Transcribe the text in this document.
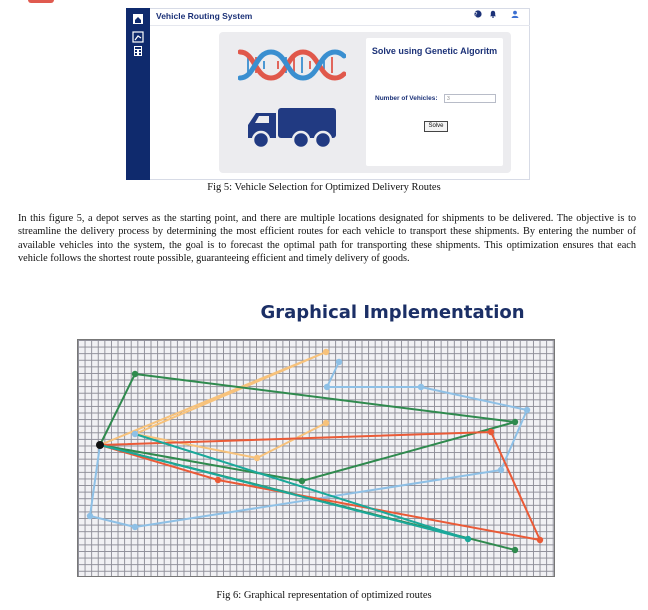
Vehicle Routing System	?

Solve using Genetic Algoritm
Number of Vehicles:
3
Solve
Fig 5: Vehicle Selection for Optimized Delivery Routes
In this figure 5, a depot serves as the starting point, and there are multiple locations designated for shipments to be delivered. The objective is to streamline the delivery process by determining the most efficient routes for each vehicle to transport these shipments. By entering the number of available vehicles into the system, the goal is to forecast the optimal path for transporting these shipments. This optimization ensures that each vehicle follows the shortest route possible, guaranteeing efficient and timely delivery of goods.
Graphical Implementation
Fig 6: Graphical representation of optimized routes
